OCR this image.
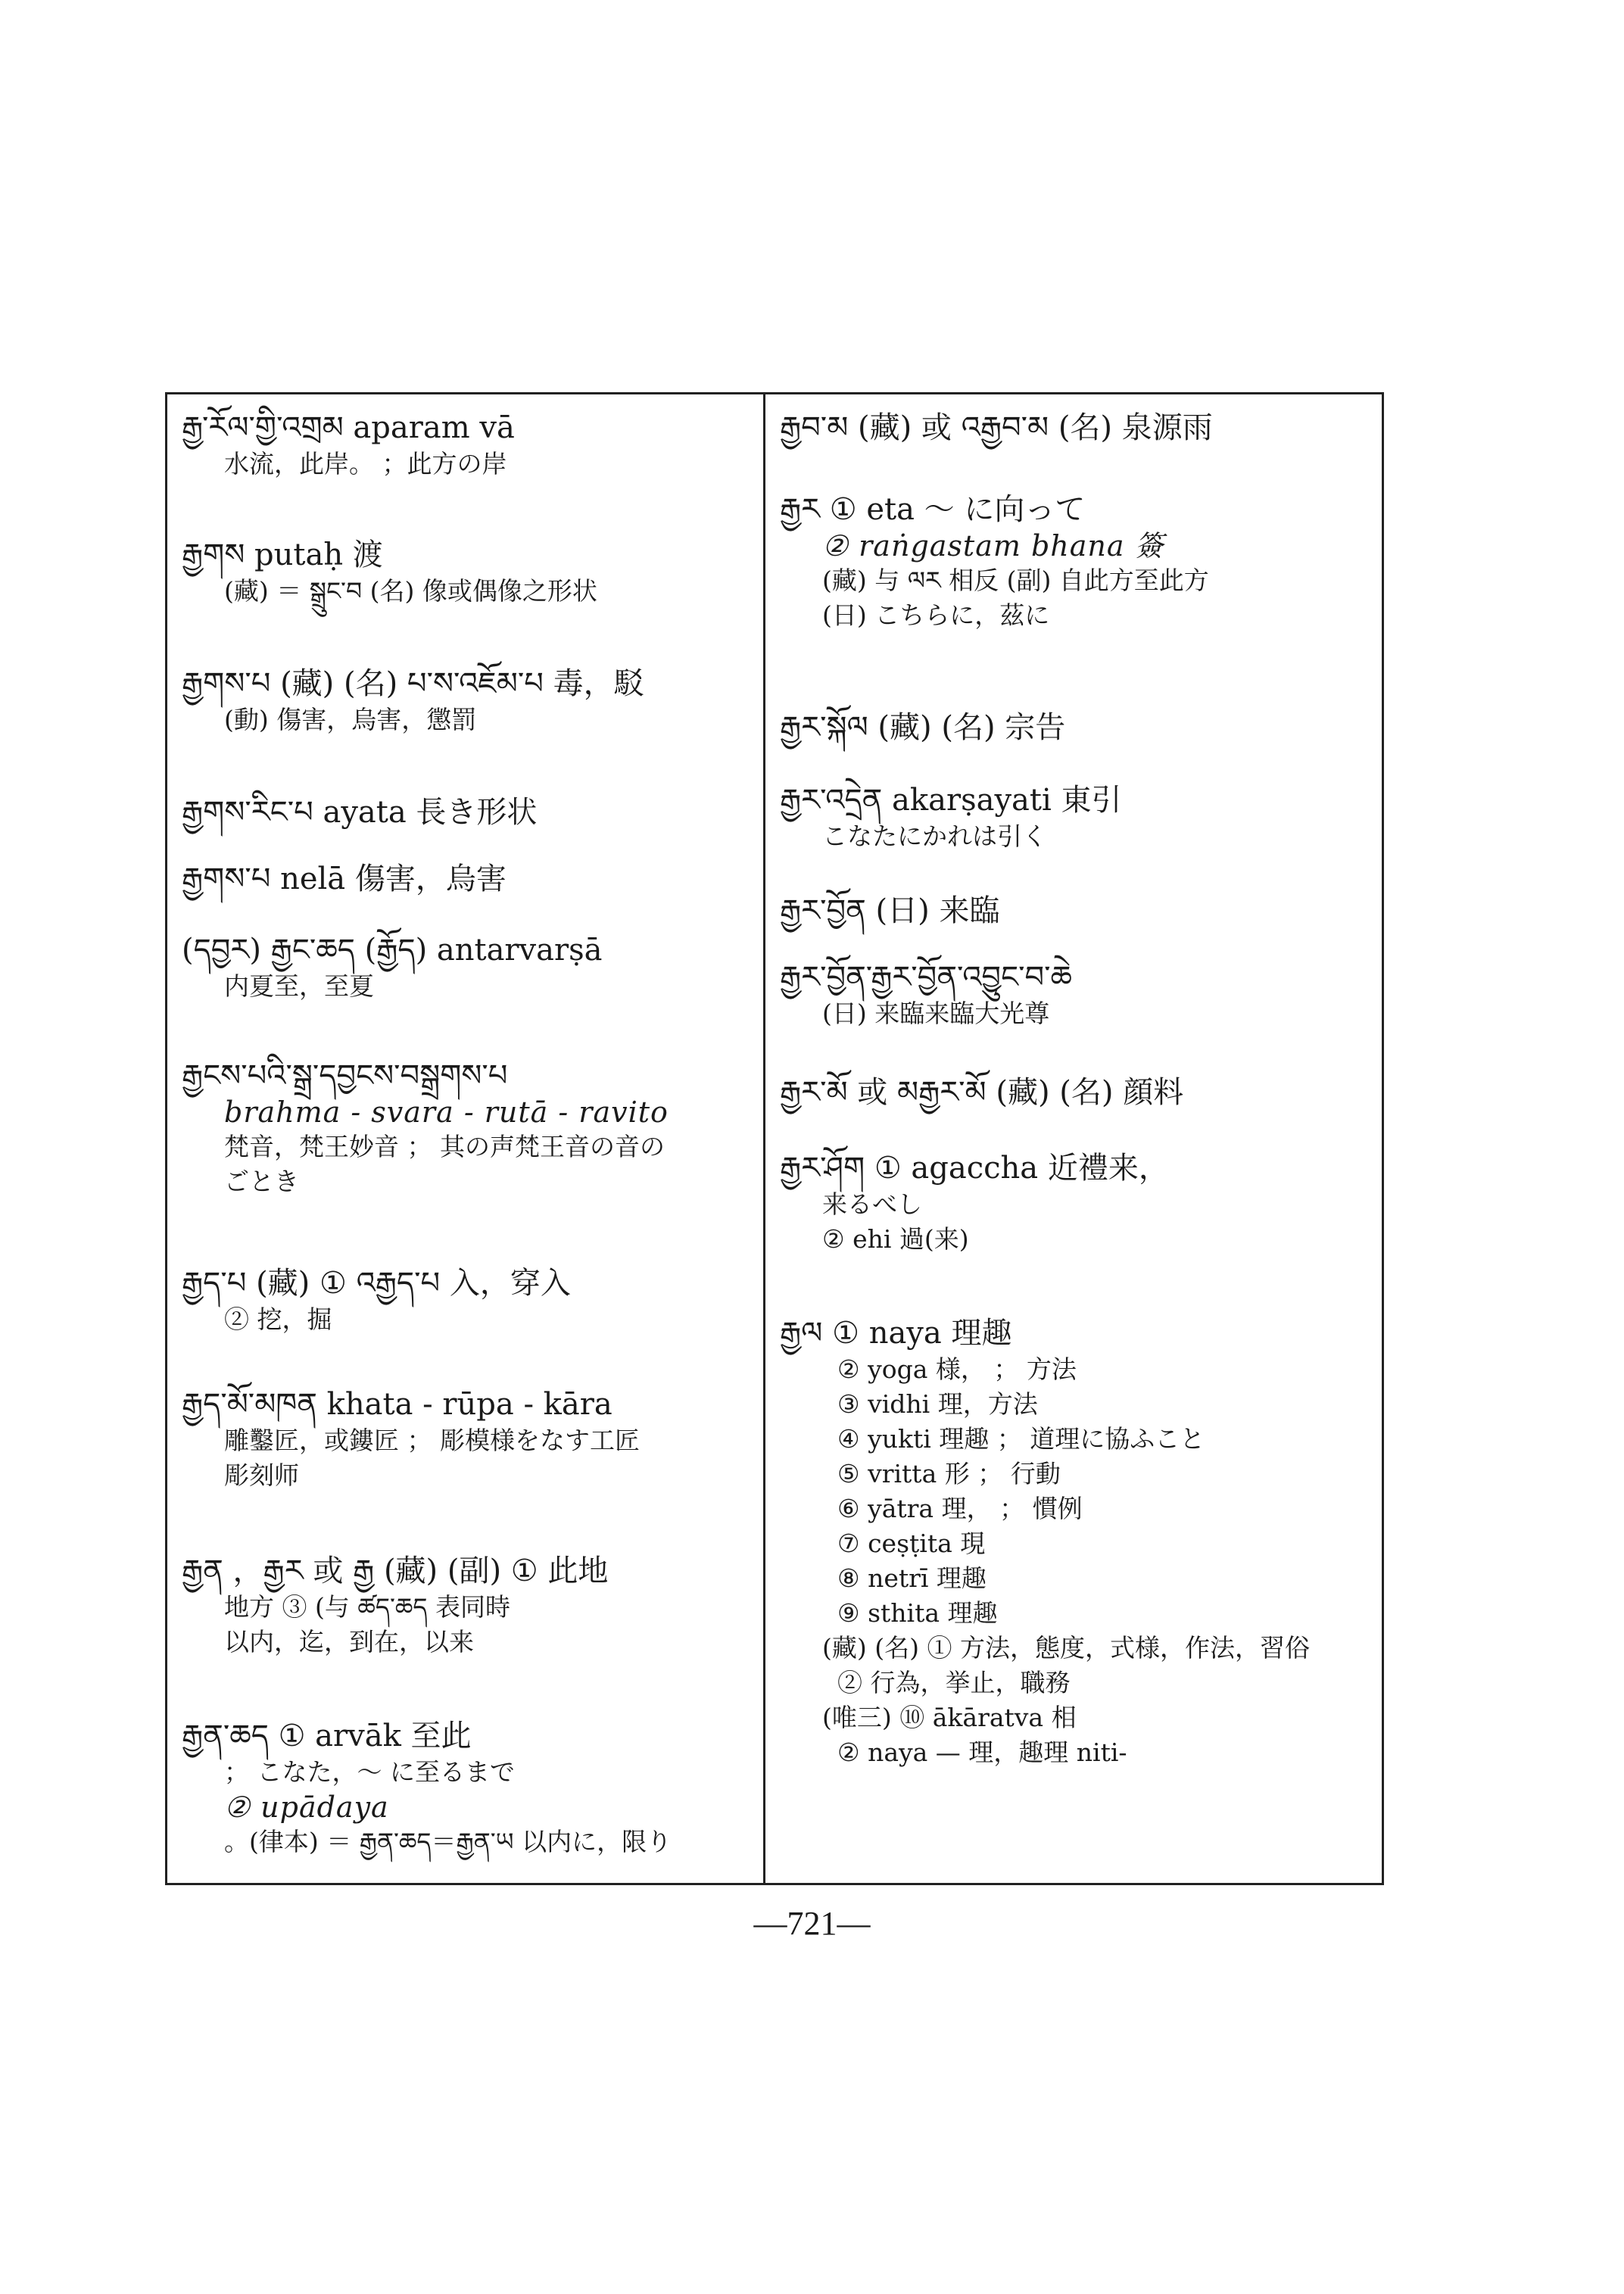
རྒྱ་རོལ་གྱི་འགྲམ aparam vā
水流，此岸。 ；此方の岸
རྒྱགས putaḥ 渡
(藏) ＝ སྒྲུང་བ (名) 像或偶像之形状
རྒྱགས་པ (藏) (名) པ་ས་འཇོམ་པ 毒，駁
(動) 傷害，烏害，懲罰
རྒྱགས་རིང་པ ayata 長き形状
རྒྱགས་པ nelā 傷害，烏害
(དབྱར) རྒྱང་ཆད (རྒྱོད) antarvarṣā
内夏至，至夏
རྒྱངས་པའི་སྒྲ་དབྱངས་བསྒྲགས་པ
brahma - svara - rutā - ravito
梵音，梵王妙音 ； 其の声梵王音の音の
ごとき
རྒྱད་པ (藏) ① འརྒྱད་པ 入，穿入
② 挖，掘
རྒྱད་མོ་མཁན khata - rūpa - kāra
雕鑿匠，或鏤匠 ； 彫模様をなす工匠
彫刻师
རྒྱན ，རྒྱར 或 རྒྱ (藏) (副) ① 此地
地方 ③ (与 ཚད་ཆད 表同時
以内，迄，到在，以来
རྒྱན་ཆད ① arvāk 至此
； こなた，〜 に至るまで
② upādaya
。(律本) ＝ རྒྱན་ཆད＝རྒྱན་ཡ 以内に，限り
རྒྱབ་མ (藏) 或 འརྒྱབ་མ (名) 泉源雨
རྒྱར ① eta 〜 に向って
② raṅgastam bhana 簽
(藏) 与 ལར 相反 (副) 自此方至此方
(日) こちらに，茲に
རྒྱར་སྐོལ (藏) (名) 宗告
རྒྱར་འདྲེན akarṣayati 東引
こなたにかれは引く
རྒྱར་བྱོན (日) 来臨
རྒྱར་བྱོན་རྒྱར་བྱོན་འབྱུང་བ་ཆེ
(日) 来臨来臨大光尊
རྒྱར་མོ 或 མརྒྱར་མོ (藏) (名) 顔料
རྒྱར་ཤོག ① agaccha 近禮来，
来るべし
② ehi 過(来)
རྒྱལ ① naya 理趣
② yoga 様， ； 方法
③ vidhi 理，方法
④ yukti 理趣 ； 道理に協ふこと
⑤ vritta 形 ； 行動
⑥ yātra 理， ； 慣例
⑦ ceṣṭita 現
⑧ netrī 理趣
⑨ sthita 理趣
(藏) (名) ① 方法，態度，式様，作法，習俗
② 行為，挙止，職務
(唯三) ⑩ ākāratva 相
② naya — 理，趣理 niti-
—721—
